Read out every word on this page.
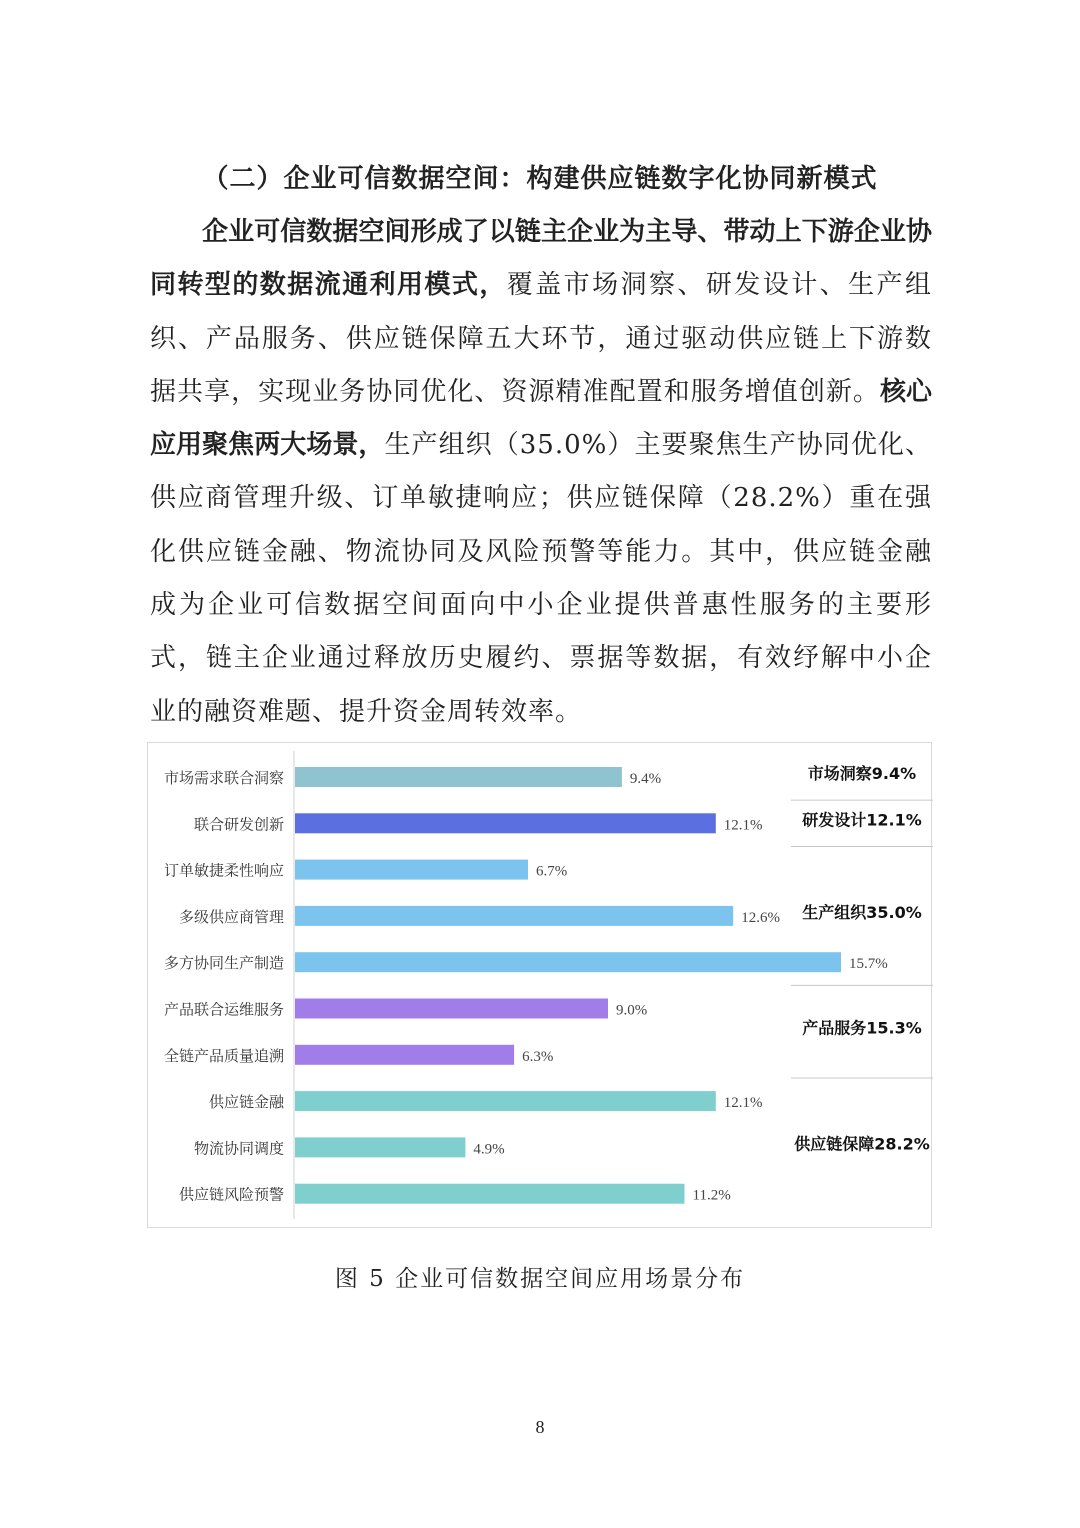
（二）企业可信数据空间：构建供应链数字化协同新模式

企业可信数据空间形成了以链主企业为主导、带动上下游企业协同转型的数据流通利用模式，覆盖市场洞察、研发设计、生产组织、产品服务、供应链保障五大环节，通过驱动供应链上下游数据共享，实现业务协同优化、资源精准配置和服务增值创新。核心应用聚焦两大场景，生产组织（35.0%）主要聚焦生产协同优化、供应商管理升级、订单敏捷响应；供应链保障（28.2%）重在强化供应链金融、物流协同及风险预警等能力。其中，供应链金融成为企业可信数据空间面向中小企业提供普惠性服务的主要形式，链主企业通过释放历史履约、票据等数据，有效纾解中小企业的融资难题、提升资金周转效率。

市场需求联合洞察	9.4%
联合研发创新	12.1%
订单敏捷柔性响应	6.7%
多级供应商管理	12.6%
多方协同生产制造	15.7%
产品联合运维服务	9.0%
全链产品质量追溯	6.3%
供应链金融	12.1%
物流协同调度	4.9%
供应链风险预警	11.2%
市场洞察9.4%
研发设计12.1%
生产组织35.0%
产品服务15.3%
供应链保障28.2%
图 5 企业可信数据空间应用场景分布
8
